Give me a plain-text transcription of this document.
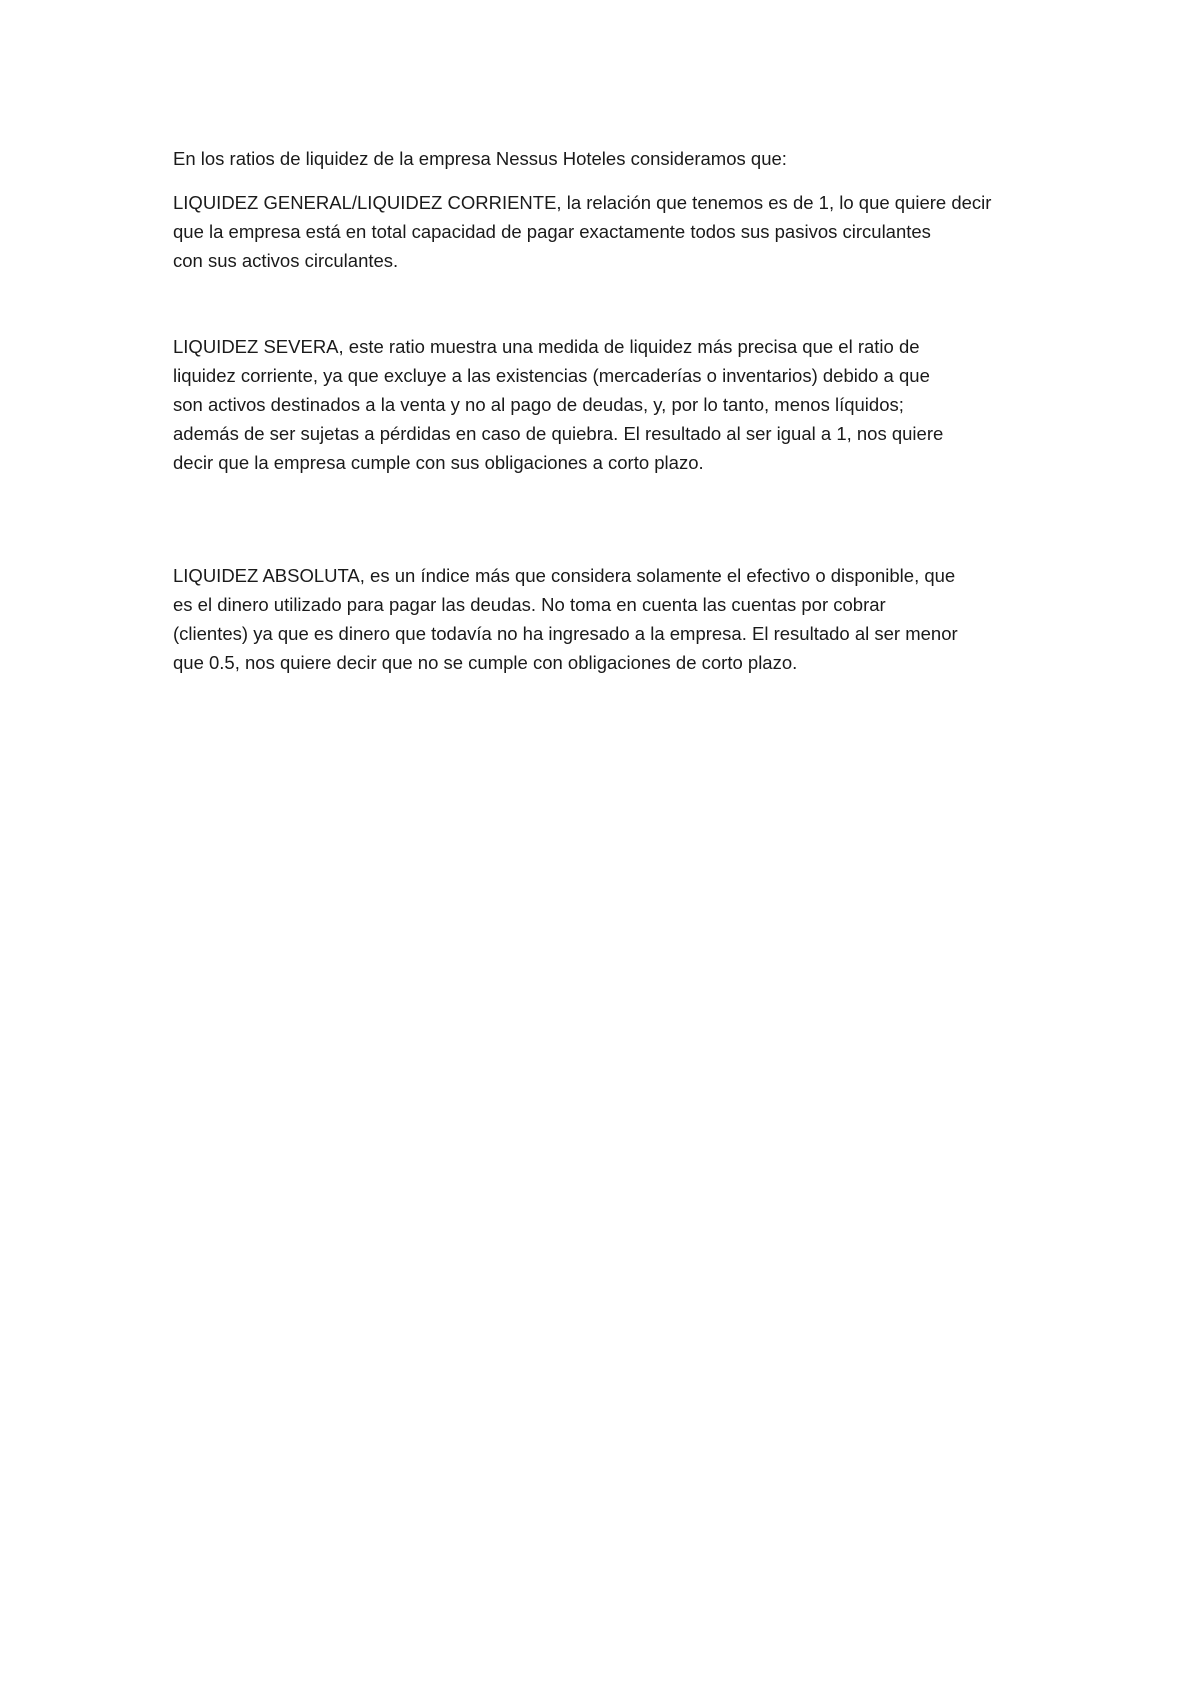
En los ratios de liquidez de la empresa Nessus Hoteles consideramos que:

LIQUIDEZ GENERAL/LIQUIDEZ CORRIENTE, la relación que tenemos es de 1, lo que quiere decir

que la empresa está en total capacidad de pagar exactamente todos sus pasivos circulantes

con sus activos circulantes.

LIQUIDEZ SEVERA, este ratio muestra una medida de liquidez más precisa que el ratio de

liquidez corriente, ya que excluye a las existencias (mercaderías o inventarios) debido a que

son activos destinados a la venta y no al pago de deudas, y, por lo tanto, menos líquidos;

además de ser sujetas a pérdidas en caso de quiebra. El resultado al ser igual a 1, nos quiere

decir que la empresa cumple con sus obligaciones a corto plazo.

LIQUIDEZ ABSOLUTA, es un índice más que considera solamente el efectivo o disponible, que

es el dinero utilizado para pagar las deudas. No toma en cuenta las cuentas por cobrar

(clientes) ya que es dinero que todavía no ha ingresado a la empresa. El resultado al ser menor

que 0.5, nos quiere decir que no se cumple con obligaciones de corto plazo.
